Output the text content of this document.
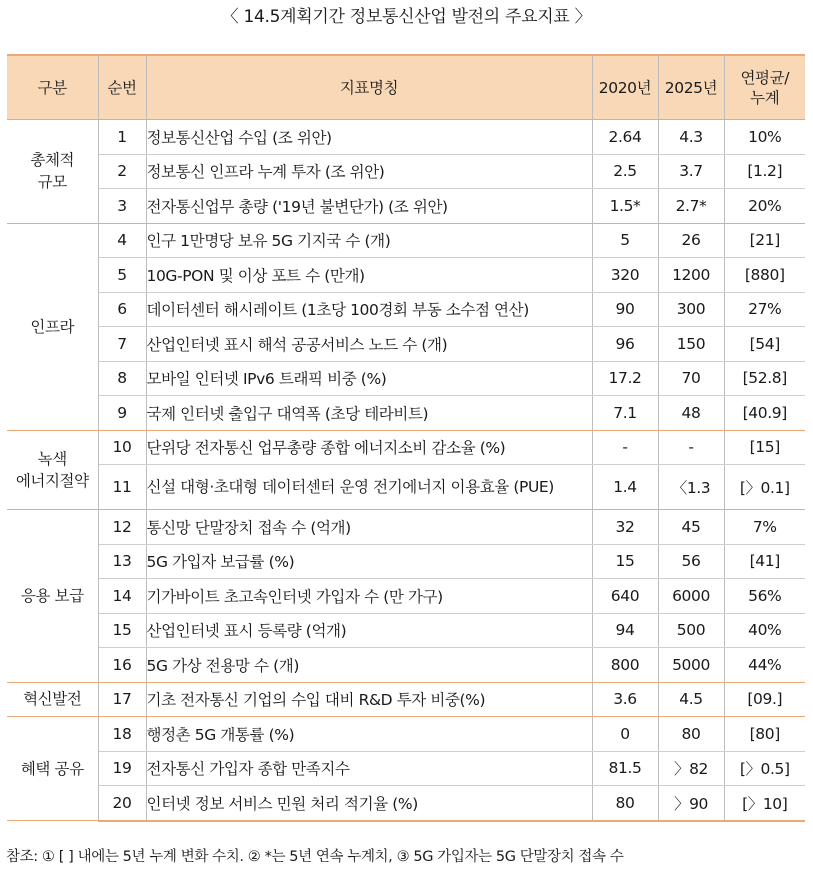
〈 14.5계획기간 정보통신산업 발전의 주요지표 〉
구분	순번	지표명칭	2020년	2025년	연평균/
누계
총체적
규모	1	정보통신산업 수입 (조 위안)	2.64	4.3	10%
	2	정보통신 인프라 누계 투자 (조 위안)	2.5	3.7	[1.2]
	3	전자통신업무 총량 ('19년 불변단가) (조 위안)	1.5*	2.7*	20%
인프라	4	인구 1만명당 보유 5G 기지국 수 (개)	5	26	[21]
	5	10G-PON 및 이상 포트 수 (만개)	320	1200	[880]
	6	데이터센터 해시레이트 (1초당 100경회 부동 소수점 연산)	90	300	27%
	7	산업인터넷 표시 해석 공공서비스 노드 수 (개)	96	150	[54]
	8	모바일 인터넷 IPv6 트래픽 비중 (%)	17.2	70	[52.8]
	9	국제 인터넷 출입구 대역폭 (초당 테라비트)	7.1	48	[40.9]
녹색
에너지절약	10	단위당 전자통신 업무총량 종합 에너지소비 감소율 (%)	-	-	[15]
	11	신설 대형·초대형 데이터센터 운영 전기에너지 이용효율 (PUE)	1.4	〈1.3	[〉0.1]
응용 보급	12	통신망 단말장치 접속 수 (억개)	32	45	7%
	13	5G 가입자 보급률 (%)	15	56	[41]
	14	기가바이트 초고속인터넷 가입자 수 (만 가구)	640	6000	56%
	15	산업인터넷 표시 등록량 (억개)	94	500	40%
	16	5G 가상 전용망 수 (개)	800	5000	44%
혁신발전	17	기초 전자통신 기업의 수입 대비 R&D 투자 비중(%)	3.6	4.5	[09.]
혜택 공유	18	행정촌 5G 개통률 (%)	0	80	[80]
	19	전자통신 가입자 종합 만족지수	81.5	〉82	[〉0.5]
	20	인터넷 정보 서비스 민원 처리 적기율 (%)	80	〉90	[〉10]
참조: ① [ ] 내에는 5년 누계 변화 수치. ② *는 5년 연속 누계치, ③ 5G 가입자는 5G 단말장치 접속 수
